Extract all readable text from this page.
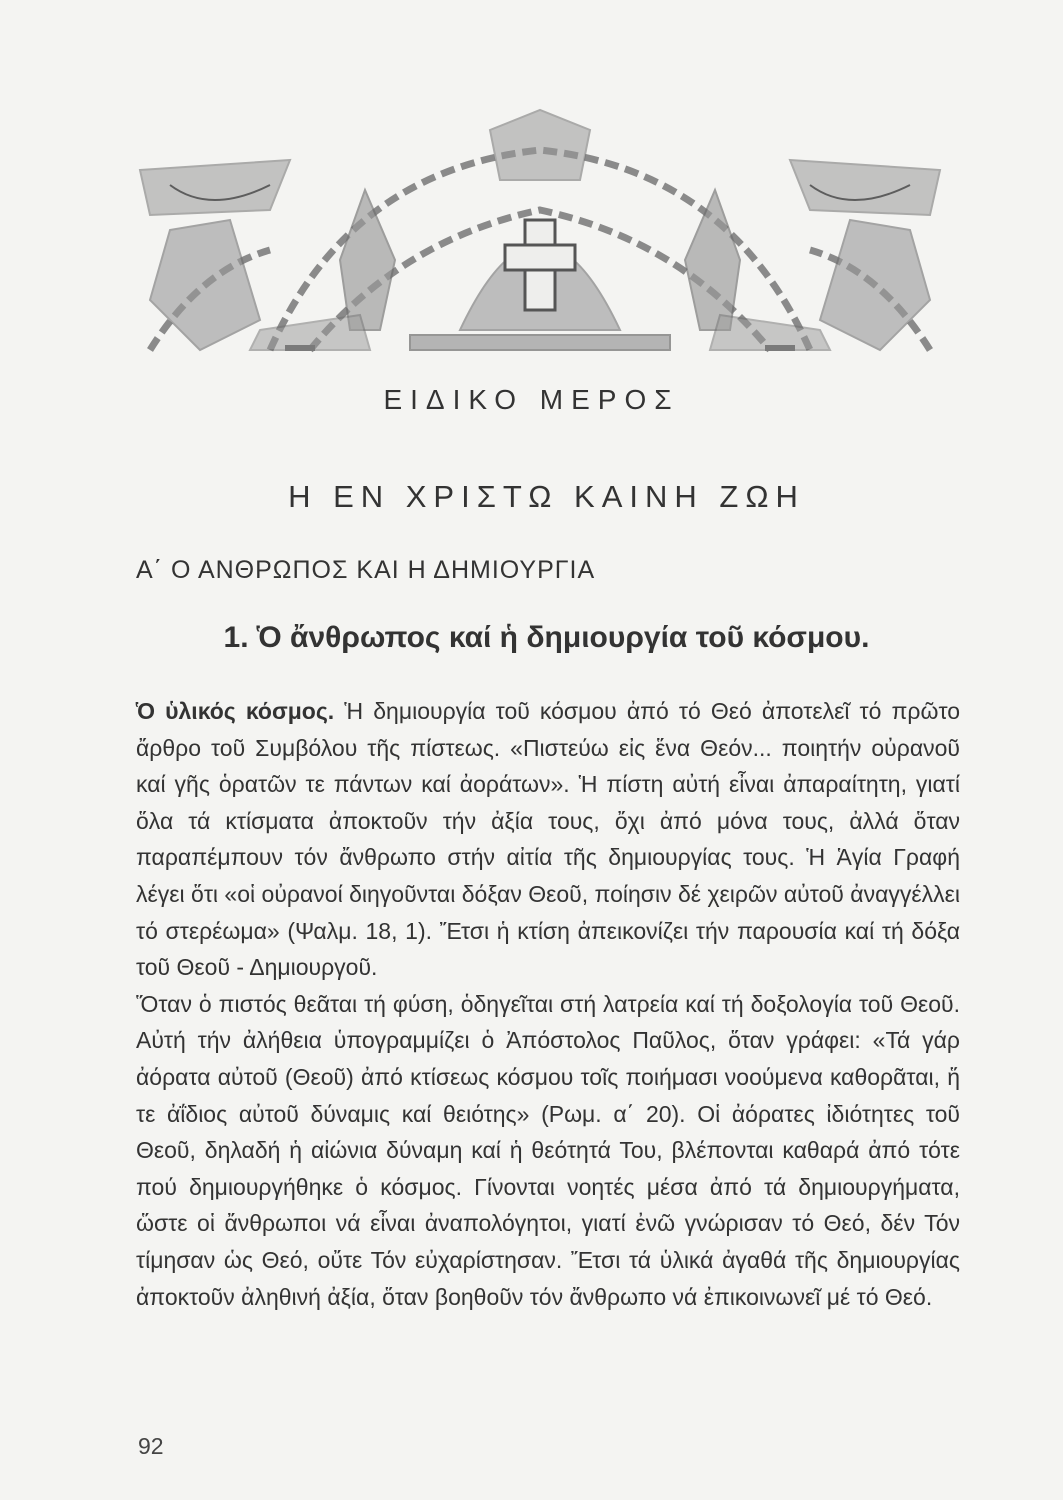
ΕΙΔΙΚΟ ΜΕΡΟΣ
Η ΕΝ ΧΡΙΣΤΩ ΚΑΙΝΗ ΖΩΗ
Α΄ Ο ΑΝΘΡΩΠΟΣ ΚΑΙ Η ΔΗΜΙΟΥΡΓΙΑ
1. Ὁ ἄνθρωπος καί ἡ δημιουργία τοῦ κόσμου.

Ὁ ὑλικός κόσμος. Ἡ δημιουργία τοῦ κόσμου ἀπό τό Θεό ἀποτελεῖ τό πρῶτο ἄρθρο τοῦ Συμβόλου τῆς πίστεως. «Πιστεύω εἰς ἕνα Θεόν... ποιητήν οὐρανοῦ καί γῆς ὁρατῶν τε πάντων καί ἀοράτων». Ἡ πίστη αὐτή εἶναι ἀπαραίτητη, γιατί ὅλα τά κτίσματα ἀποκτοῦν τήν ἀξία τους, ὄχι ἀπό μόνα τους, ἀλλά ὅταν παραπέμπουν τόν ἄνθρωπο στήν αἰτία τῆς δημιουργίας τους. Ἡ Ἁγία Γραφή λέγει ὅτι «οἱ οὐρανοί διηγοῦνται δόξαν Θεοῦ, ποίησιν δέ χειρῶν αὐτοῦ ἀναγγέλλει τό στερέωμα» (Ψαλμ. 18, 1). Ἔτσι ἡ κτίση ἀπεικονίζει τήν παρουσία καί τή δόξα τοῦ Θεοῦ - Δημιουργοῦ.

Ὅταν ὁ πιστός θεᾶται τή φύση, ὁδηγεῖται στή λατρεία καί τή δοξολογία τοῦ Θεοῦ. Αὐτή τήν ἀλήθεια ὑπογραμμίζει ὁ Ἀπόστολος Παῦλος, ὅταν γράφει: «Τά γάρ ἀόρατα αὐτοῦ (Θεοῦ) ἀπό κτίσεως κόσμου τοῖς ποιήμασι νοούμενα καθορᾶται, ἥ τε ἀΐδιος αὐτοῦ δύναμις καί θειότης» (Ρωμ. α΄ 20). Οἱ ἀόρατες ἰδιότητες τοῦ Θεοῦ, δηλαδή ἡ αἰώνια δύναμη καί ἡ θεότητά Του, βλέπονται καθαρά ἀπό τότε πού δημιουργήθηκε ὁ κόσμος. Γίνονται νοητές μέσα ἀπό τά δημιουργήματα, ὥστε οἱ ἄνθρωποι νά εἶναι ἀναπολόγητοι, γιατί ἐνῶ γνώρισαν τό Θεό, δέν Τόν τίμησαν ὡς Θεό, οὔτε Τόν εὐχαρίστησαν. Ἔτσι τά ὑλικά ἀγαθά τῆς δημιουργίας ἀποκτοῦν ἀληθινή ἀξία, ὅταν βοηθοῦν τόν ἄνθρωπο νά ἐπικοινωνεῖ μέ τό Θεό.

92
